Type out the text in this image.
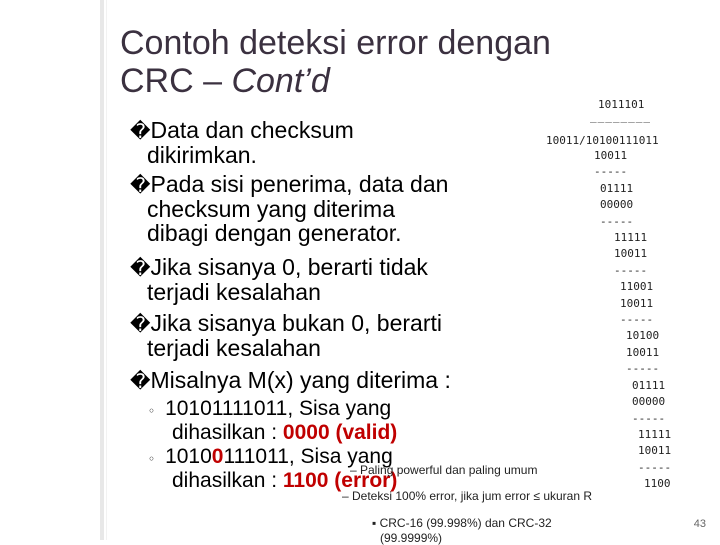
Contoh deteksi error dengan
CRC – Cont’d
�Data dan checksum
dikirimkan.
�Pada sisi penerima, data dan
checksum yang diterima
dibagi dengan generator.
�Jika sisanya 0, berarti tidak
terjadi kesalahan
�Jika sisanya bukan 0, berarti
terjadi kesalahan
�Misalnya M(x) yang diterima :
◦ 10101111011, Sisa yang
dihasilkan : 0000 (valid)
◦ 10100111011, Sisa yang
dihasilkan : 1100 (error)
– Paling powerful dan paling umum
– Deteksi 100% error, jika jum error ≤ ukuran R
▪ CRC-16 (99.998%) dan CRC-32
(99.9999%)
1011101
________
10011/10100111011
10011
-----
01111
00000
-----
11111
10011
-----
11001
10011
-----
10100
10011
-----
01111
00000
-----
11111
10011
-----
1100
43
